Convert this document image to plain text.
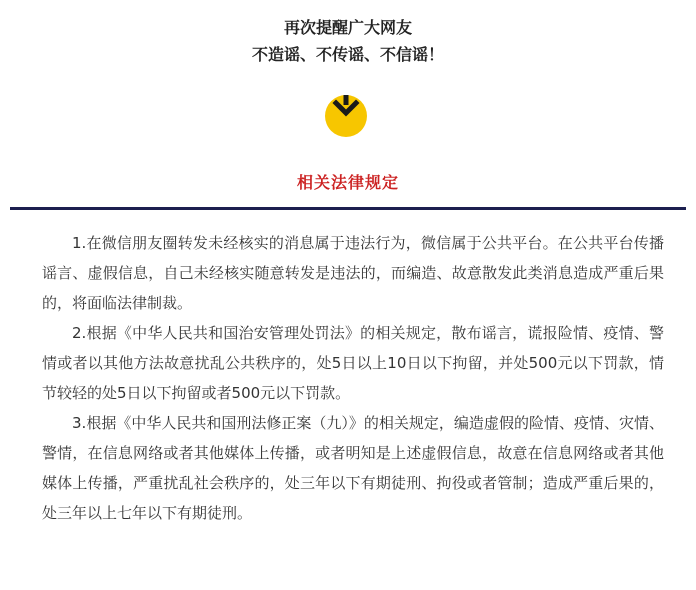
再次提醒广大网友
不造谣、不传谣、不信谣！
相关法律规定

1.在微信朋友圈转发未经核实的消息属于违法行为，微信属于公共平台。在公共平台传播谣言、虚假信息，自己未经核实随意转发是违法的，而编造、故意散发此类消息造成严重后果的，将面临法律制裁。

2.根据《中华人民共和国治安管理处罚法》的相关规定，散布谣言，谎报险情、疫情、警情或者以其他方法故意扰乱公共秩序的，处5日以上10日以下拘留，并处500元以下罚款，情节较轻的处5日以下拘留或者500元以下罚款。

3.根据《中华人民共和国刑法修正案（九）》的相关规定，编造虚假的险情、疫情、灾情、警情，在信息网络或者其他媒体上传播，或者明知是上述虚假信息，故意在信息网络或者其他媒体上传播，严重扰乱社会秩序的，处三年以下有期徒刑、拘役或者管制；造成严重后果的，处三年以上七年以下有期徒刑。
